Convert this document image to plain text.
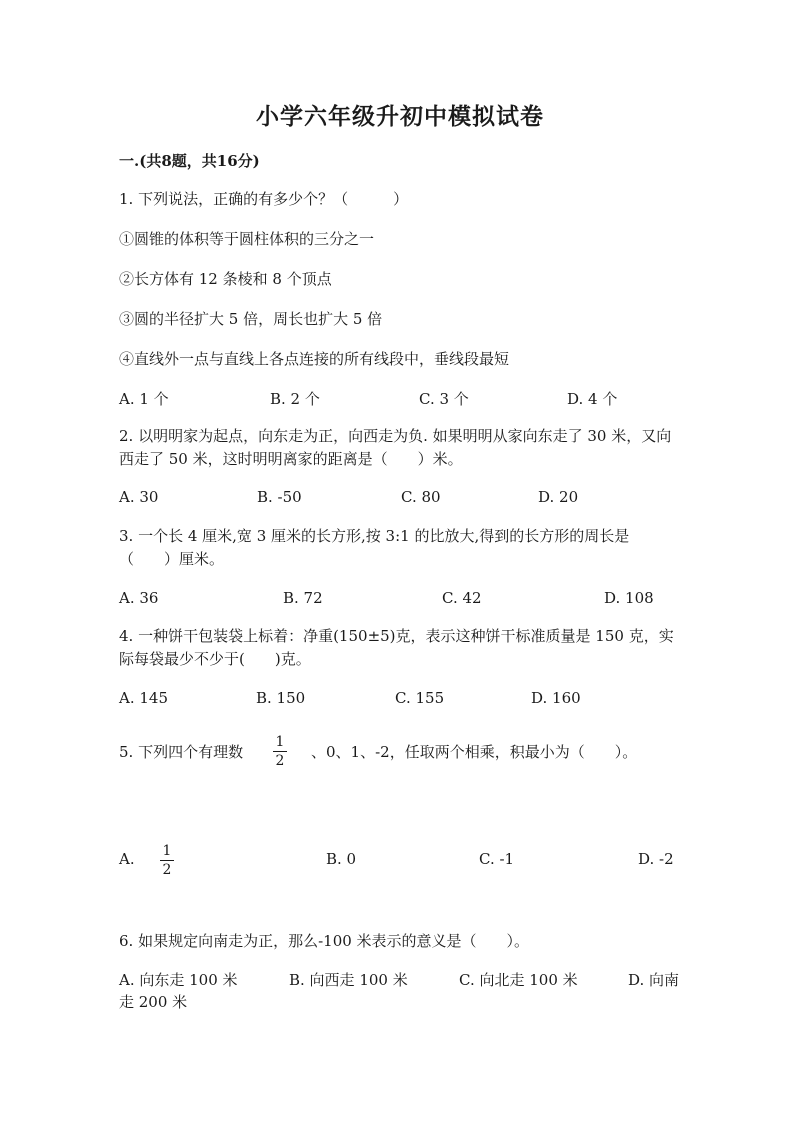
小学六年级升初中模拟试卷
一.(共8题，共16分)
1. 下列说法，正确的有多少个？（　　　）
①圆锥的体积等于圆柱体积的三分之一
②长方体有 12 条棱和 8 个顶点
③圆的半径扩大 5 倍，周长也扩大 5 倍
④直线外一点与直线上各点连接的所有线段中，垂线段最短
A. 1 个	B. 2 个	C. 3 个	D. 4 个
2. 以明明家为起点，向东走为正，向西走为负. 如果明明从家向东走了 30 米，又向西走了 50 米，这时明明离家的距离是（　　）米。
A. 30	B. -50	C. 80	D. 20
3. 一个长 4 厘米,宽 3 厘米的长方形,按 3:1 的比放大,得到的长方形的周长是（　　）厘米。
A. 36	B. 72	C. 42	D. 108
4. 一种饼干包装袋上标着：净重(150±5)克，表示这种饼干标准质量是 150 克，实际每袋最少不少于(　　)克。
A. 145	B. 150	C. 155	D. 160
5. 下列四个有理数
1
2 、0、1、-2，任取两个相乘，积最小为（　　）。
A. 1
2
B. 0	C. -1	D. -2
6. 如果规定向南走为正，那么-100 米表示的意义是（　　）。
A. 向东走 100 米	B. 向西走 100 米	C. 向北走 100 米	D. 向南
走 200 米
